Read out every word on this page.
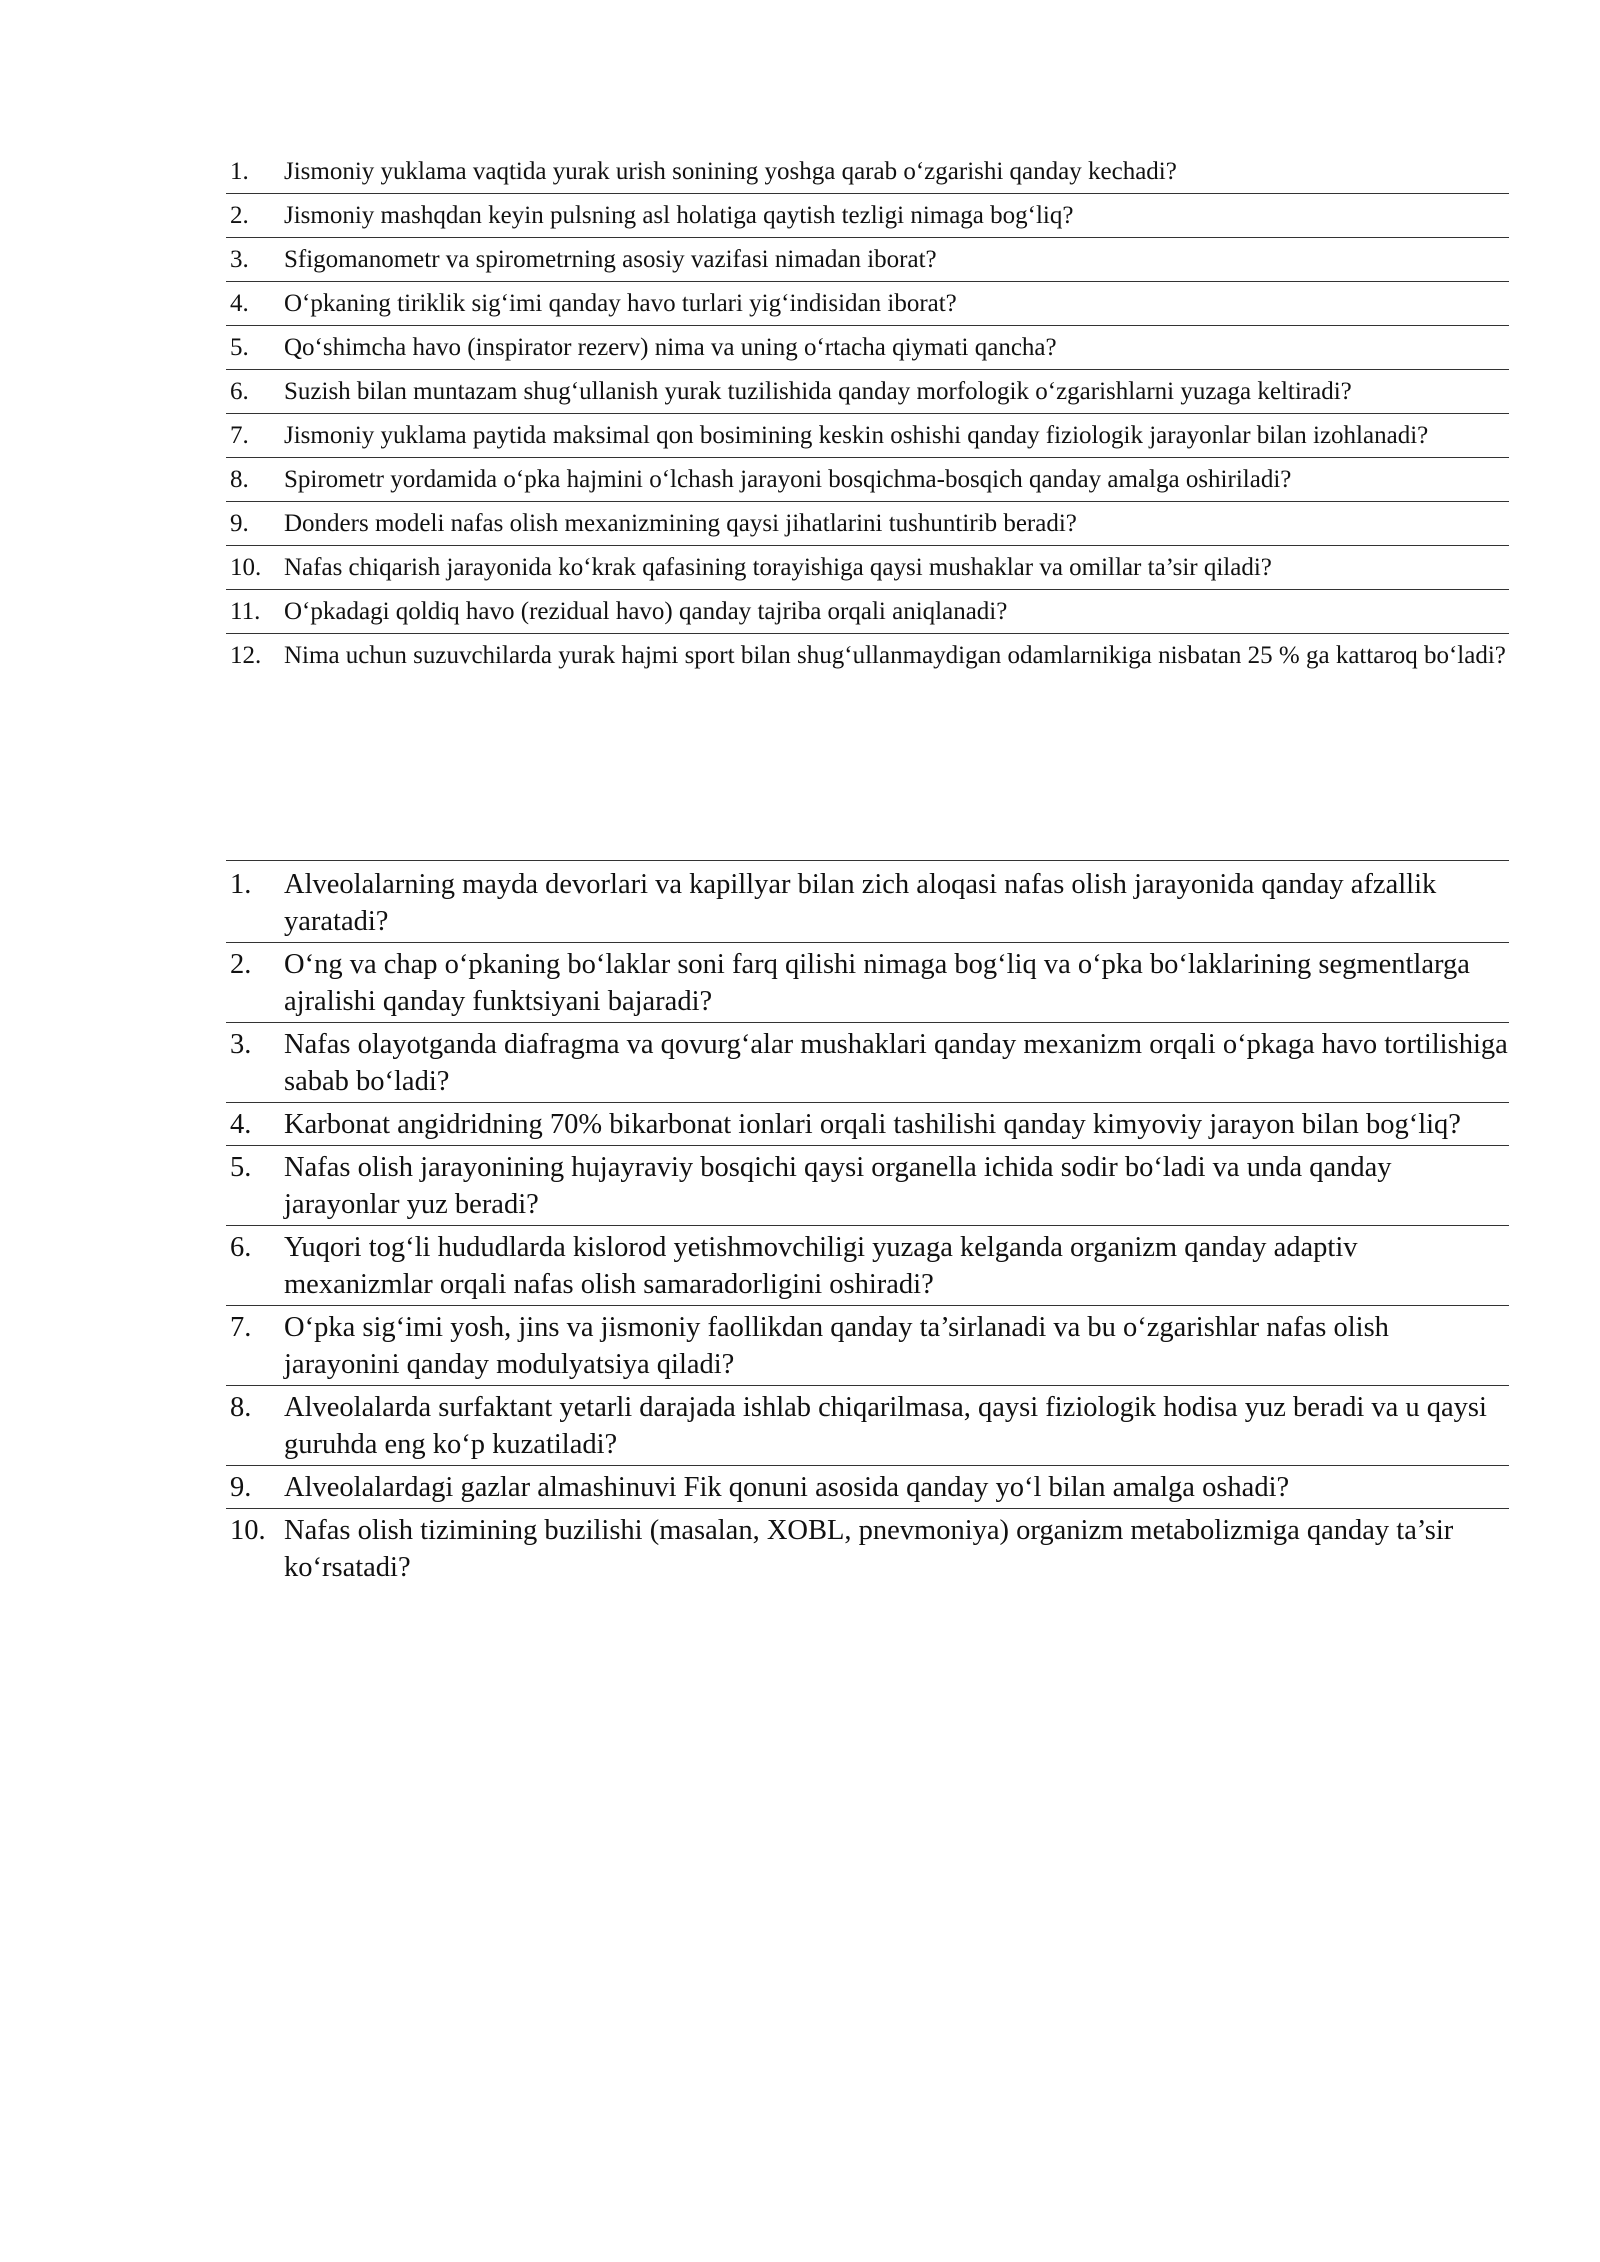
1.	Jismoniy yuklama vaqtida yurak urish sonining yoshga qarab o‘zgarishi qanday kechadi?
2.	Jismoniy mashqdan keyin pulsning asl holatiga qaytish tezligi nimaga bog‘liq?
3.	Sfigomanometr va spirometrning asosiy vazifasi nimadan iborat?
4.	O‘pkaning tiriklik sig‘imi qanday havo turlari yig‘indisidan iborat?
5.	Qo‘shimcha havo (inspirator rezerv) nima va uning o‘rtacha qiymati qancha?
6.	Suzish bilan muntazam shug‘ullanish yurak tuzilishida qanday morfologik o‘zgarishlarni yuzaga keltiradi?
7.	Jismoniy yuklama paytida maksimal qon bosimining keskin oshishi qanday fiziologik jarayonlar bilan izohlanadi?
8.	Spirometr yordamida o‘pka hajmini o‘lchash jarayoni bosqichma-bosqich qanday amalga oshiriladi?
9.	Donders modeli nafas olish mexanizmining qaysi jihatlarini tushuntirib beradi?
10. Nafas chiqarish jarayonida ko‘krak qafasining torayishiga qaysi mushaklar va omillar ta’sir qiladi?
11. O‘pkadagi qoldiq havo (rezidual havo) qanday tajriba orqali aniqlanadi?
12. Nima uchun suzuvchilarda yurak hajmi sport bilan shug‘ullanmaydigan odamlarnikiga nisbatan 25 % ga kattaroq bo‘ladi?
1.	Alveolalarning mayda devorlari va kapillyar bilan zich aloqasi nafas olish jarayonida qanday afzallik yaratadi?
2.	O‘ng va chap o‘pkaning bo‘laklar soni farq qilishi nimaga bog‘liq va o‘pka bo‘laklarining segmentlarga ajralishi qanday funktsiyani bajaradi?
3.	Nafas olayotganda diafragma va qovurg‘alar mushaklari qanday mexanizm orqali o‘pkaga havo tortilishiga sabab bo‘ladi?
4.	Karbonat angidridning 70% bikarbonat ionlari orqali tashilishi qanday kimyoviy jarayon bilan bog‘liq?
5.	Nafas olish jarayonining hujayraviy bosqichi qaysi organella ichida sodir bo‘ladi va unda qanday jarayonlar yuz beradi?
6.	Yuqori tog‘li hududlarda kislorod yetishmovchiligi yuzaga kelganda organizm qanday adaptiv mexanizmlar orqali nafas olish samaradorligini oshiradi?
7.	O‘pka sig‘imi yosh, jins va jismoniy faollikdan qanday ta’sirlanadi va bu o‘zgarishlar nafas olish jarayonini qanday modulyatsiya qiladi?
8.	Alveolalarda surfaktant yetarli darajada ishlab chiqarilmasa, qaysi fiziologik hodisa yuz beradi va u qaysi guruhda eng ko‘p kuzatiladi?
9.	Alveolalardagi gazlar almashinuvi Fik qonuni asosida qanday yo‘l bilan amalga oshadi?
10. Nafas olish tizimining buzilishi (masalan, XOBL, pnevmoniya) organizm metabolizmiga qanday ta’sir ko‘rsatadi?
